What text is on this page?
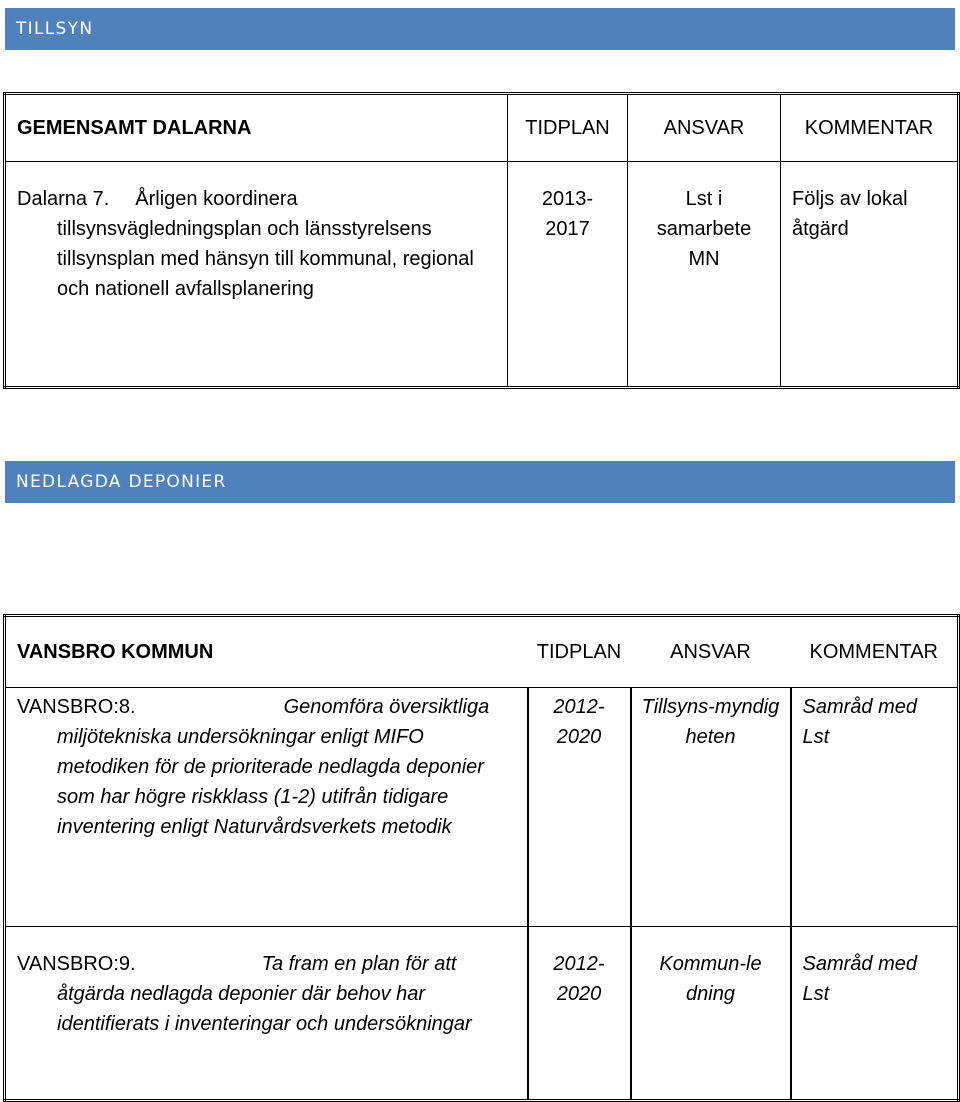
TILLSYN
GEMENSAMT DALARNA	TIDPLAN	ANSVAR	KOMMENTAR

Dalarna 7. Årligen koordinera tillsynsvägledningsplan och länsstyrelsens tillsynsplan med hänsyn till kommunal, regional och nationell avfallsplanering	2013-2017	Lst i samarbete MN	Följs av lokal åtgärd
NEDLAGDA DEPONIER
VANSBRO KOMMUN	TIDPLAN	ANSVAR	KOMMENTAR

VANSBRO:8. Genomföra översiktliga miljötekniska undersökningar enligt MIFO metodiken för de prioriterade nedlagda deponier som har högre riskklass (1-2) utifrån tidigare inventering enligt Naturvårdsverkets metodik	2012-2020	Tillsyns-myndigheten	Samråd med Lst

VANSBRO:9. Ta fram en plan för att åtgärda nedlagda deponier där behov har identifierats i inventeringar och undersökningar	2012-2020	Kommun-ledning	Samråd med Lst
